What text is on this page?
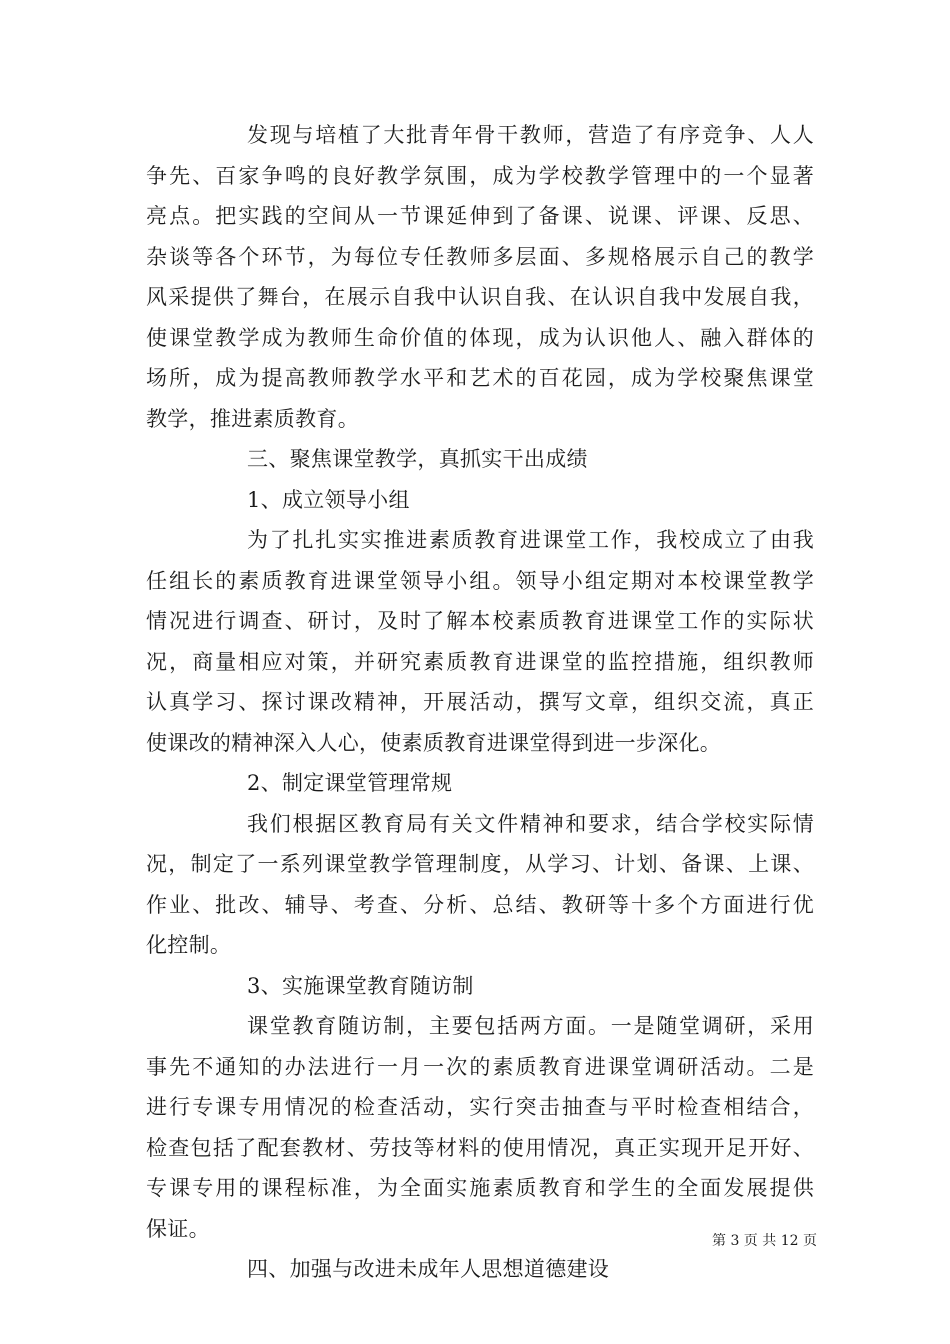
发现与培植了大批青年骨干教师，营造了有序竞争、人人
争先、百家争鸣的良好教学氛围，成为学校教学管理中的一个显著
亮点。把实践的空间从一节课延伸到了备课、说课、评课、反思、
杂谈等各个环节，为每位专任教师多层面、多规格展示自己的教学
风采提供了舞台，在展示自我中认识自我、在认识自我中发展自我，
使课堂教学成为教师生命价值的体现，成为认识他人、融入群体的
场所，成为提高教师教学水平和艺术的百花园，成为学校聚焦课堂
教学，推进素质教育。
三、聚焦课堂教学，真抓实干出成绩
1、成立领导小组
为了扎扎实实推进素质教育进课堂工作，我校成立了由我
任组长的素质教育进课堂领导小组。领导小组定期对本校课堂教学
情况进行调查、研讨，及时了解本校素质教育进课堂工作的实际状
况，商量相应对策，并研究素质教育进课堂的监控措施，组织教师
认真学习、探讨课改精神，开展活动，撰写文章，组织交流，真正
使课改的精神深入人心，使素质教育进课堂得到进一步深化。
2、制定课堂管理常规
我们根据区教育局有关文件精神和要求，结合学校实际情
况，制定了一系列课堂教学管理制度，从学习、计划、备课、上课、
作业、批改、辅导、考查、分析、总结、教研等十多个方面进行优
化控制。
3、实施课堂教育随访制
课堂教育随访制，主要包括两方面。一是随堂调研，采用
事先不通知的办法进行一月一次的素质教育进课堂调研活动。二是
进行专课专用情况的检查活动，实行突击抽查与平时检查相结合，
检查包括了配套教材、劳技等材料的使用情况，真正实现开足开好、
专课专用的课程标准，为全面实施素质教育和学生的全面发展提供
保证。
四、加强与改进未成年人思想道德建设
第 3 页 共 12 页
